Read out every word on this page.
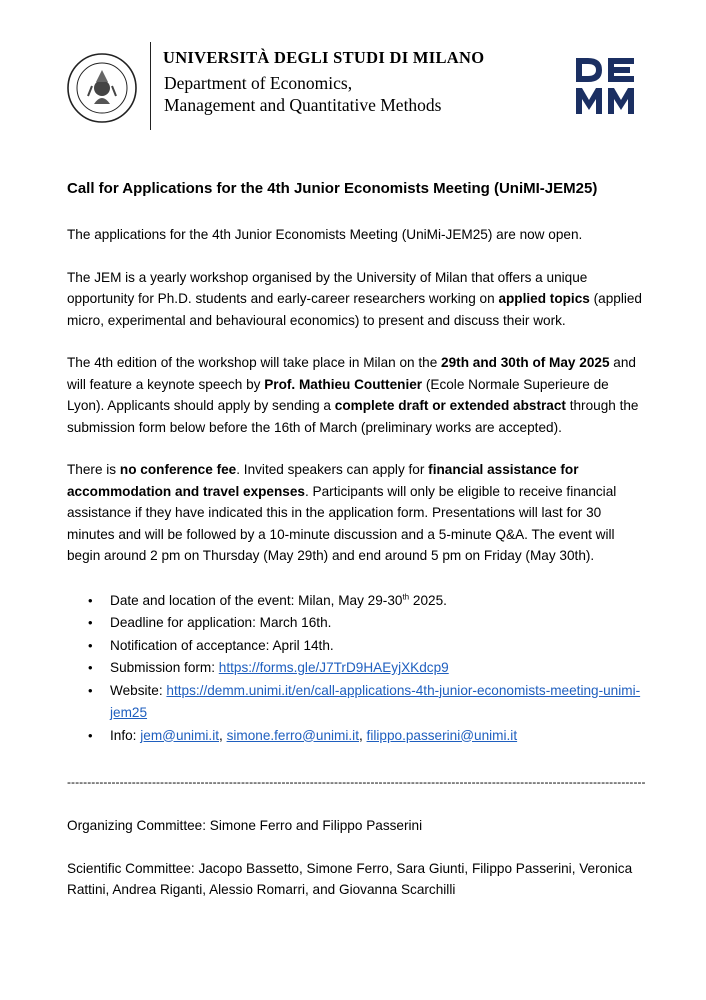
UNIVERSITÀ DEGLI STUDI DI MILANO
Department of Economics,
Management and Quantitative Methods
Call for Applications for the 4th Junior Economists Meeting (UniMI-JEM25)

The applications for the 4th Junior Economists Meeting (UniMi-JEM25) are now open.

The JEM is a yearly workshop organised by the University of Milan that offers a unique opportunity for Ph.D. students and early-career researchers working on applied topics (applied micro, experimental and behavioural economics) to present and discuss their work.

The 4th edition of the workshop will take place in Milan on the 29th and 30th of May 2025 and will feature a keynote speech by Prof. Mathieu Couttenier (Ecole Normale Superieure de Lyon). Applicants should apply by sending a complete draft or extended abstract through the submission form below before the 16th of March (preliminary works are accepted).

There is no conference fee. Invited speakers can apply for financial assistance for accommodation and travel expenses. Participants will only be eligible to receive financial assistance if they have indicated this in the application form. Presentations will last for 30 minutes and will be followed by a 10-minute discussion and a 5-minute Q&A. The event will begin around 2 pm on Thursday (May 29th) and end around 5 pm on Friday (May 30th).

• Date and location of the event: Milan, May 29-30th 2025.
• Deadline for application: March 16th.
• Notification of acceptance: April 14th.
• Submission form: https://forms.gle/J7TrD9HAEyjXKdcp9
• Website: https://demm.unimi.it/en/call-applications-4th-junior-economists-meeting-unimi-jem25
• Info: jem@unimi.it, simone.ferro@unimi.it, filippo.passerini@unimi.it
-----------------------------------------------------------------------------------------------------------------------------------------------

Organizing Committee: Simone Ferro and Filippo Passerini

Scientific Committee: Jacopo Bassetto, Simone Ferro, Sara Giunti, Filippo Passerini, Veronica Rattini, Andrea Riganti, Alessio Romarri, and Giovanna Scarchilli
